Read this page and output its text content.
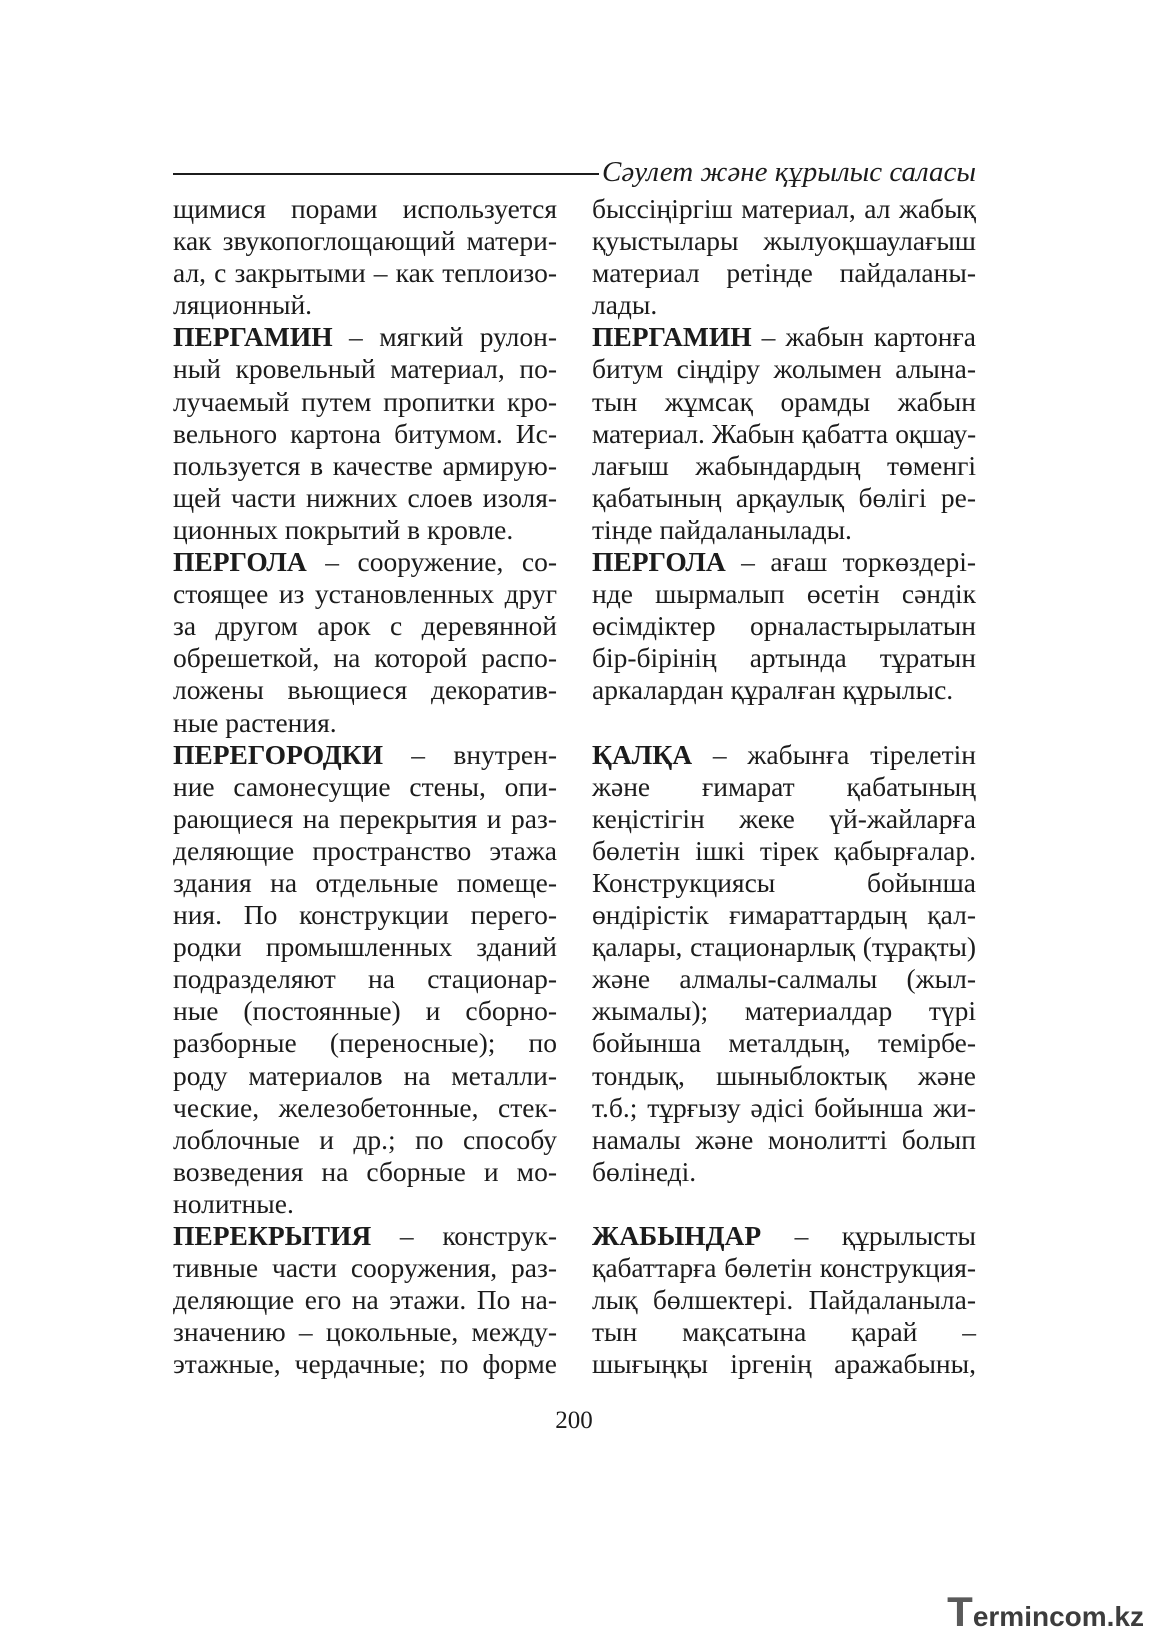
Сәулет және құрылыс саласы
щимися порами используется
как звукопоглощающий матери-
ал, с закрытыми – как теплоизо-
ляционный.
быссіңіргіш материал, ал жабық
қуыстылары жылуоқшаулағыш
материал ретінде пайдаланы-
лады.
ПЕРГАМИН – мягкий рулон-
ный кровельный материал, по-
лучаемый путем пропитки кро-
вельного картона битумом. Ис-
пользуется в качестве армирую-
щей части нижних слоев изоля-
ционных покрытий в кровле.
ПЕРГАМИН – жабын картонға
битум сіңдіру жолымен алына-
тын жұмсақ орамды жабын
материал. Жабын қабатта оқшау-
лағыш жабындардың төменгі
қабатының арқаулық бөлігі ре-
тінде пайдаланылады.
ПЕРГОЛА – сооружение, со-
стоящее из установленных друг
за другом арок с деревянной
обрешеткой, на которой распо-
ложены вьющиеся декоратив-
ные растения.
ПЕРГОЛА – ағаш торкөздері-
нде шырмалып өсетін сәндік
өсімдіктер орналастырылатын
бір-бірінің артында тұратын
аркалардан құралған құрылыс.
ПЕРЕГОРОДКИ – внутрен-
ние самонесущие стены, опи-
рающиеся на перекрытия и раз-
деляющие пространство этажа
здания на отдельные помеще-
ния. По конструкции перего-
родки промышленных зданий
подразделяют на стационар-
ные (постоянные) и сборно-
разборные (переносные); по
роду материалов на металли-
ческие, железобетонные, стек-
лоблочные и др.; по способу
возведения на сборные и мо-
нолитные.
ҚАЛҚА – жабынға тірелетін
және ғимарат қабатының
кеңістігін жеке үй-жайларға
бөлетін ішкі тірек қабырғалар.
Конструкциясы бойынша
өндірістік ғимараттардың қал-
қалары, стационарлық (тұрақты)
және алмалы-салмалы (жыл-
жымалы); материалдар түрі
бойынша металдың, темірбе-
тондық, шыныблоктық және
т.б.; тұрғызу әдісі бойынша жи-
намалы және монолитті болып
бөлінеді.
ПЕРЕКРЫТИЯ – конструк-
тивные части сооружения, раз-
деляющие его на этажи. По на-
значению – цокольные, между-
этажные, чердачные; по форме
ЖАБЫНДАР – құрылысты
қабаттарға бөлетін конструкция-
лық бөлшектері. Пайдаланыла-
тын мақсатына қарай –
шығыңқы іргенің аражабыны,
200
Termincom.kz
